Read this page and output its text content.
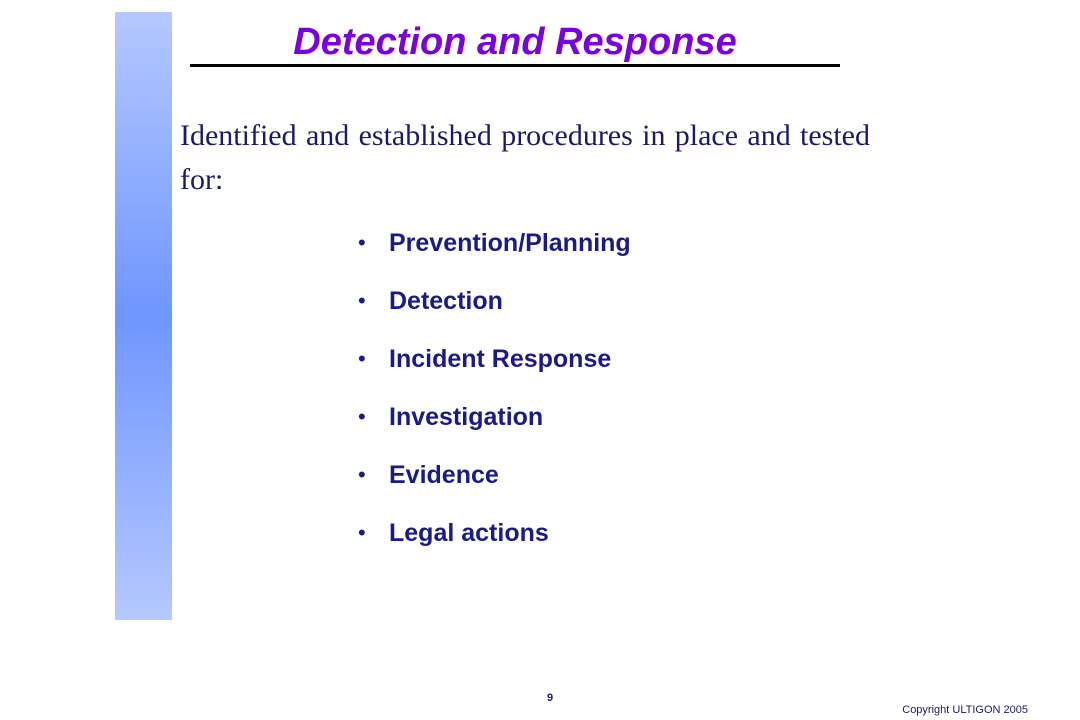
Detection and Response

Identified and established procedures in place and tested for:

• Prevention/Planning
• Detection
• Incident Response
• Investigation
• Evidence
• Legal actions
9
Copyright ULTIGON 2005
